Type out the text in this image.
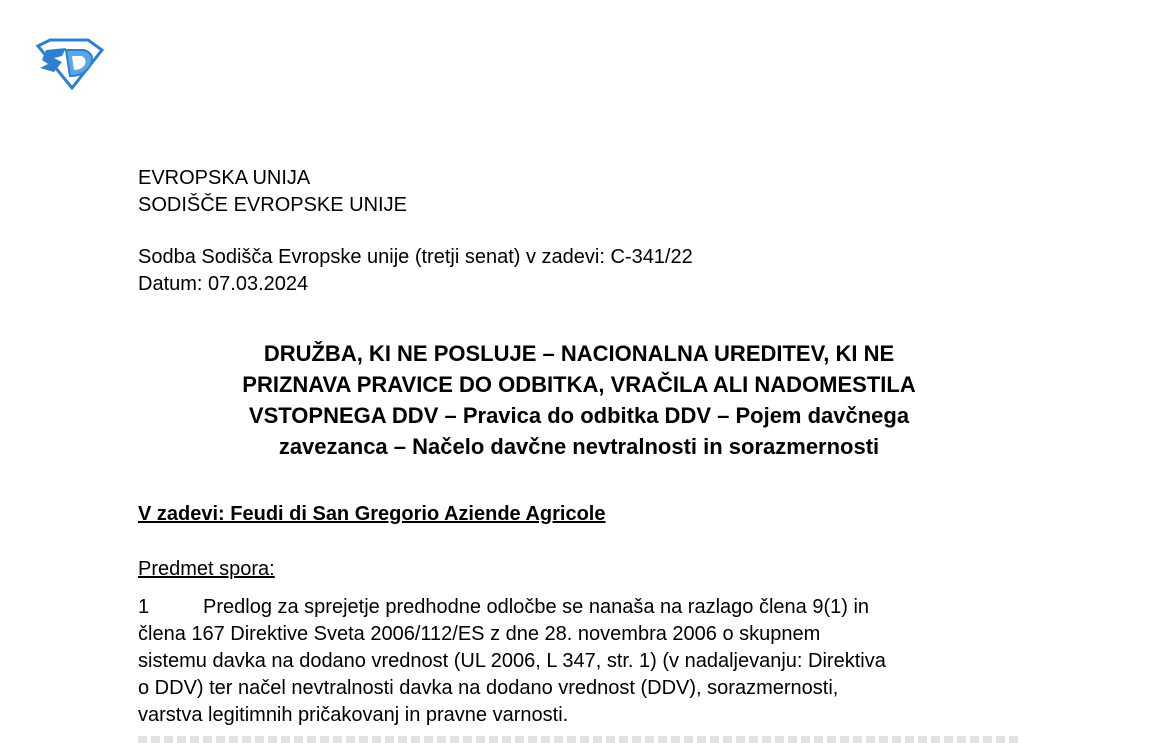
EVROPSKA UNIJA
SODIŠČE EVROPSKE UNIJE
Sodba Sodišča Evropske unije (tretji senat) v zadevi: C-341/22
Datum: 07.03.2024
DRUŽBA, KI NE POSLUJE – NACIONALNA UREDITEV, KI NE
PRIZNAVA PRAVICE DO ODBITKA, VRAČILA ALI NADOMESTILA
VSTOPNEGA DDV – Pravica do odbitka DDV – Pojem davčnega
zavezanca – Načelo davčne nevtralnosti in sorazmernosti
V zadevi: Feudi di San Gregorio Aziende Agricole
Predmet spora:
1	Predlog za sprejetje predhodne odločbe se nanaša na razlago člena 9(1) in
člena 167 Direktive Sveta 2006/112/ES z dne 28. novembra 2006 o skupnem
sistemu davka na dodano vrednost (UL 2006, L 347, str. 1) (v nadaljevanju: Direktiva
o DDV) ter načel nevtralnosti davka na dodano vrednost (DDV), sorazmernosti,
varstva legitimnih pričakovanj in pravne varnosti.
